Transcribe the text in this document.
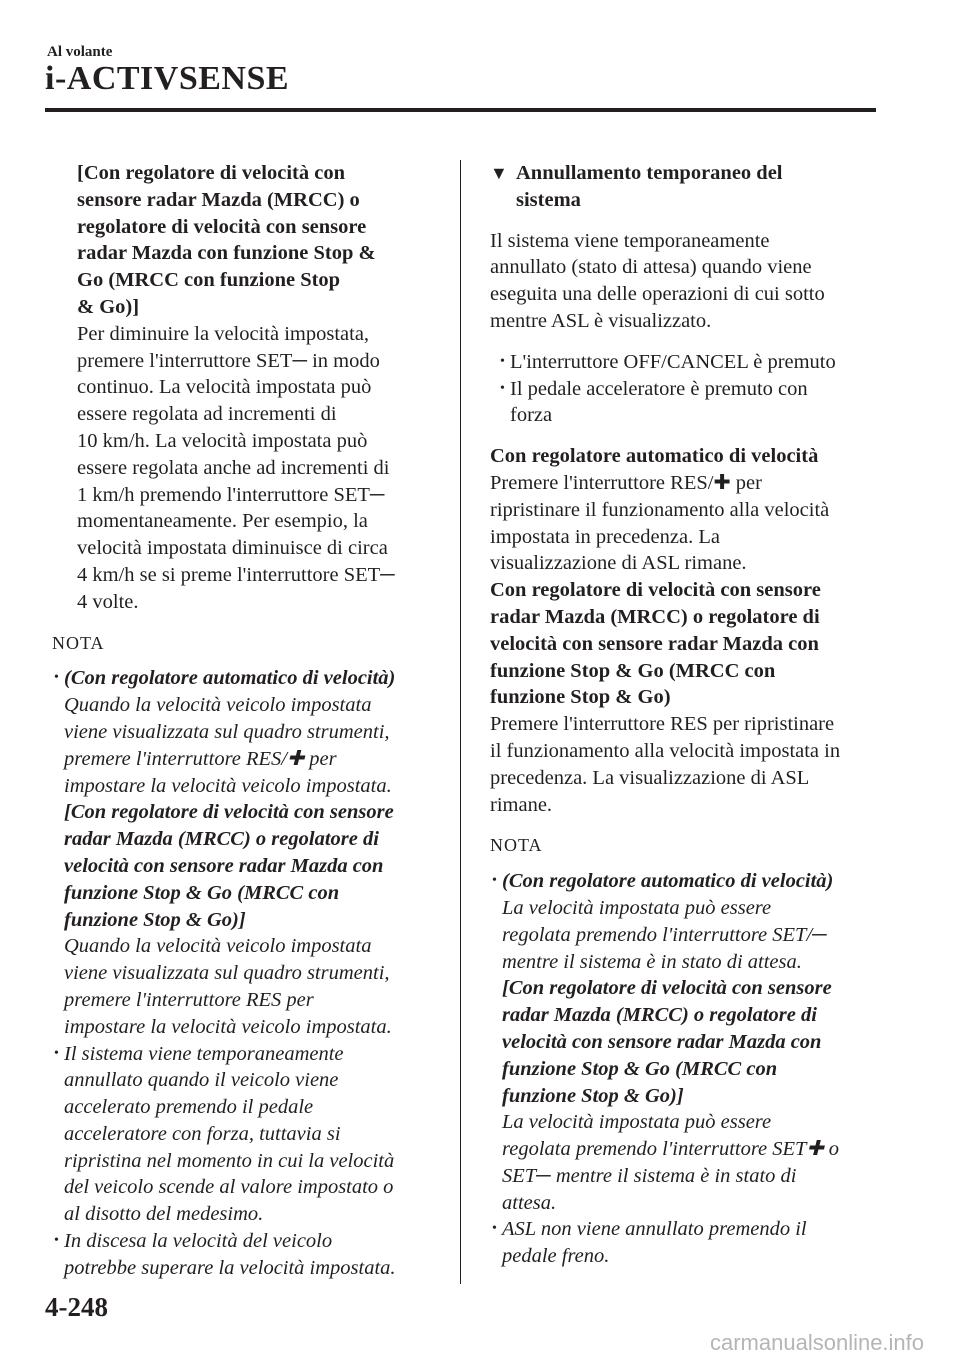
Al volante
i-ACTIVSENSE
[Con regolatore di velocità con
sensore radar Mazda (MRCC) o
regolatore di velocità con sensore
radar Mazda con funzione Stop &
Go (MRCC con funzione Stop
& Go)]
Per diminuire la velocità impostata,
premere l'interruttore SET─ in modo
continuo. La velocità impostata può
essere regolata ad incrementi di
10 km/h. La velocità impostata può
essere regolata anche ad incrementi di
1 km/h premendo l'interruttore SET─
momentaneamente. Per esempio, la
velocità impostata diminuisce di circa
4 km/h se si preme l'interruttore SET─
4 volte.
NOTA
• (Con regolatore automatico di velocità)
Quando la velocità veicolo impostata
viene visualizzata sul quadro strumenti,
premere l'interruttore RES/✚ per
impostare la velocità veicolo impostata.
[Con regolatore di velocità con sensore
radar Mazda (MRCC) o regolatore di
velocità con sensore radar Mazda con
funzione Stop & Go (MRCC con
funzione Stop & Go)]
Quando la velocità veicolo impostata
viene visualizzata sul quadro strumenti,
premere l'interruttore RES per
impostare la velocità veicolo impostata.
• Il sistema viene temporaneamente
annullato quando il veicolo viene
accelerato premendo il pedale
acceleratore con forza, tuttavia si
ripristina nel momento in cui la velocità
del veicolo scende al valore impostato o
al disotto del medesimo.
• In discesa la velocità del veicolo
potrebbe superare la velocità impostata.
▼ Annullamento temporaneo del
sistema
Il sistema viene temporaneamente
annullato (stato di attesa) quando viene
eseguita una delle operazioni di cui sotto
mentre ASL è visualizzato.
• L'interruttore OFF/CANCEL è premuto
• Il pedale acceleratore è premuto con
forza
Con regolatore automatico di velocità
Premere l'interruttore RES/✚ per
ripristinare il funzionamento alla velocità
impostata in precedenza. La
visualizzazione di ASL rimane.
Con regolatore di velocità con sensore
radar Mazda (MRCC) o regolatore di
velocità con sensore radar Mazda con
funzione Stop & Go (MRCC con
funzione Stop & Go)
Premere l'interruttore RES per ripristinare
il funzionamento alla velocità impostata in
precedenza. La visualizzazione di ASL
rimane.
NOTA
• (Con regolatore automatico di velocità)
La velocità impostata può essere
regolata premendo l'interruttore SET/─
mentre il sistema è in stato di attesa.
[Con regolatore di velocità con sensore
radar Mazda (MRCC) o regolatore di
velocità con sensore radar Mazda con
funzione Stop & Go (MRCC con
funzione Stop & Go)]
La velocità impostata può essere
regolata premendo l'interruttore SET✚ o
SET─ mentre il sistema è in stato di
attesa.
• ASL non viene annullato premendo il
pedale freno.
4-248
carmanualsonline.info
